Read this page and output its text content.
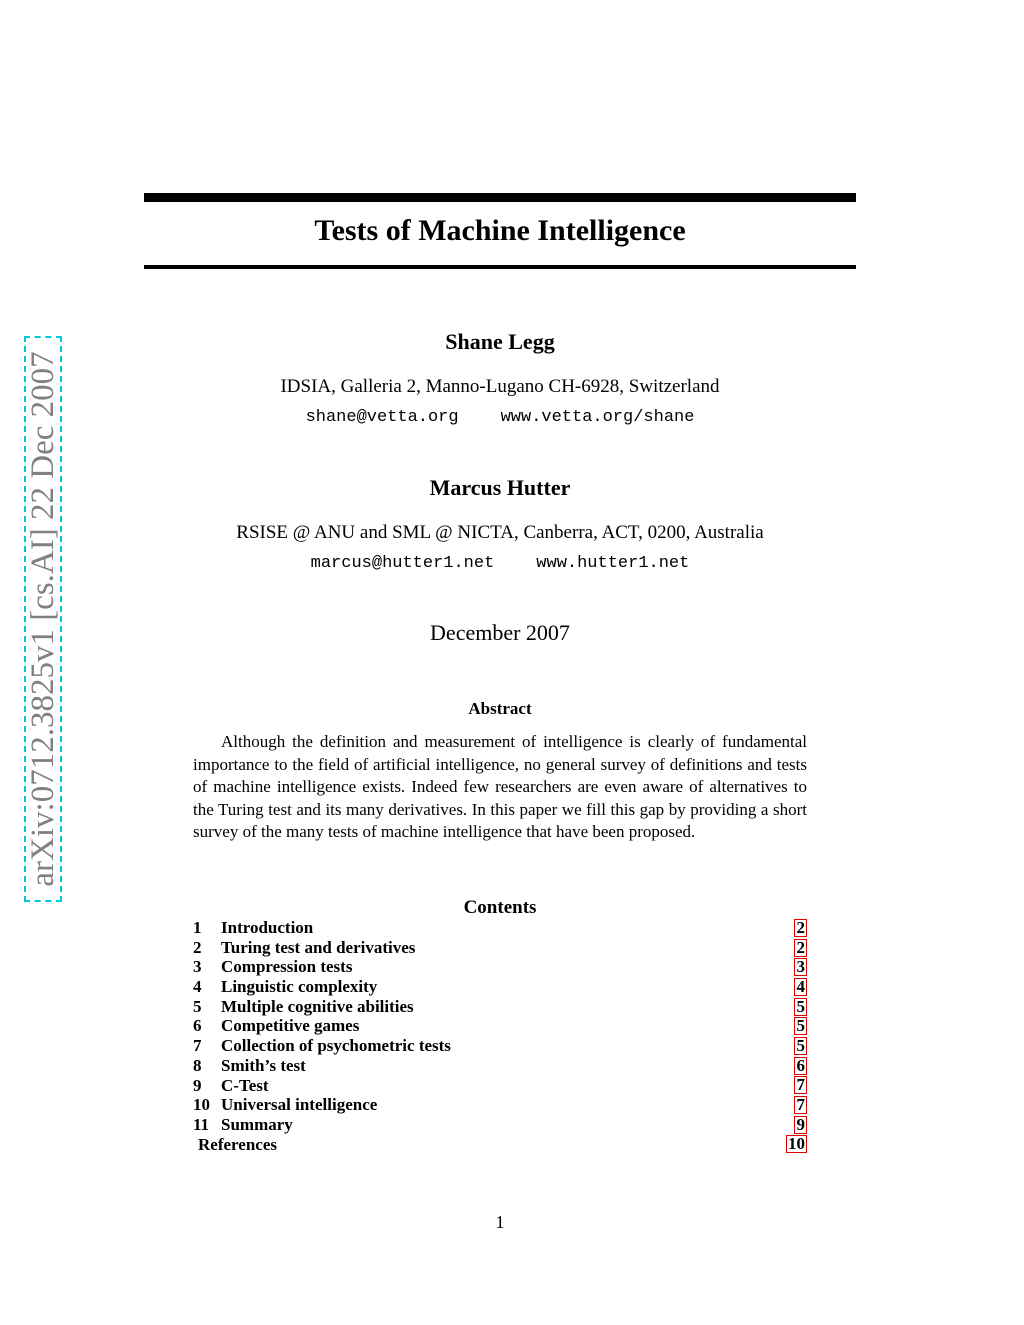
arXiv:0712.3825v1 [cs.AI] 22 Dec 2007
Tests of Machine Intelligence
Shane Legg
IDSIA, Galleria 2, Manno-Lugano CH-6928, Switzerland
shane@vetta.org www.vetta.org/shane
Marcus Hutter
RSISE @ ANU and SML @ NICTA, Canberra, ACT, 0200, Australia
marcus@hutter1.net www.hutter1.net
December 2007
Abstract
Although the definition and measurement of intelligence is clearly of fundamental importance to the field of artificial intelligence, no general survey of definitions and tests of machine intelligence exists. Indeed few researchers are even aware of alternatives to the Turing test and its many derivatives. In this paper we fill this gap by providing a short survey of the many tests of machine intelligence that have been proposed.
Contents
1	Introduction	2
2	Turing test and derivatives	2
3	Compression tests	3
4	Linguistic complexity	4
5	Multiple cognitive abilities	5
6	Competitive games	5
7	Collection of psychometric tests	5
8	Smith’s test	6
9	C-Test	7
10 Universal intelligence	7
11 Summary	9
References	10
1
